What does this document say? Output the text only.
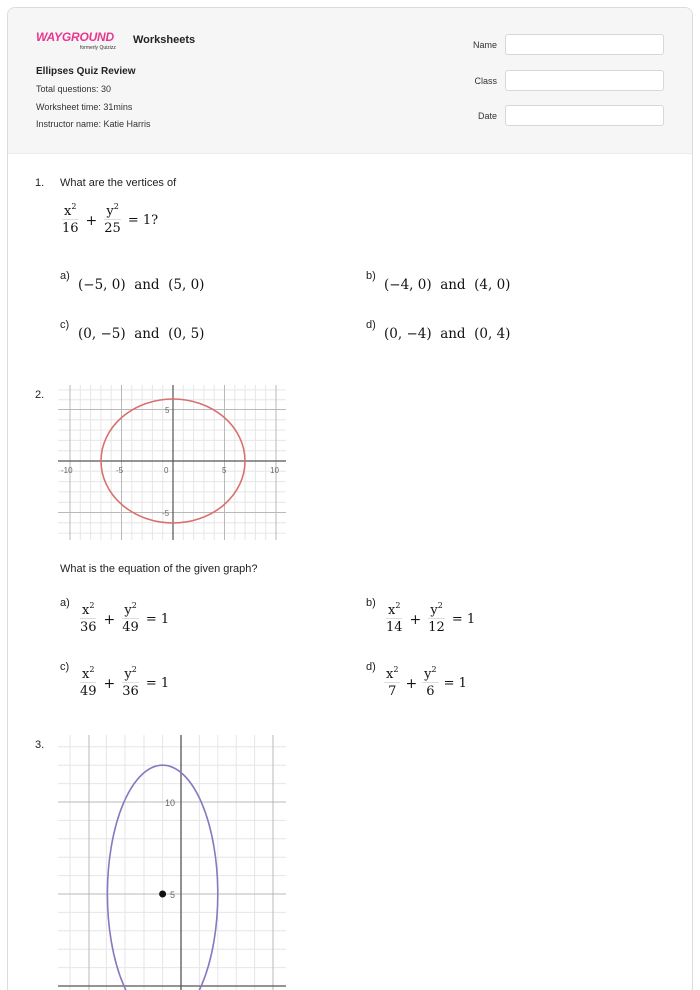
WAYGROUND
formerly Quizizz
Worksheets
Ellipses Quiz Review
Total questions: 30
Worksheet time: 31mins
Instructor name: Katie Harris
Name
Class
Date
1. What are the vertices of
$\frac{x^2}{16} + \frac{y^2}{25} = 1$?
a)
(−5, 0)  and  (5, 0)
b)
(−4, 0)  and  (4, 0)
c)
(0, −5)  and  (0, 5)
d)
(0, −4)  and  (0, 4)
2.
-10	-5	0	5	10
5
-5
What is the equation of the given graph?
$a) \frac{x^2}{36} + \frac{y^2}{49} = 1$
$b) \frac{x^2}{14} + \frac{y^2}{12} = 1$
$c) \frac{x^2}{49} + \frac{y^2}{36} = 1$
$d) \frac{x^2}{7} + \frac{y^2}{6} = 1$
3.
10
5
